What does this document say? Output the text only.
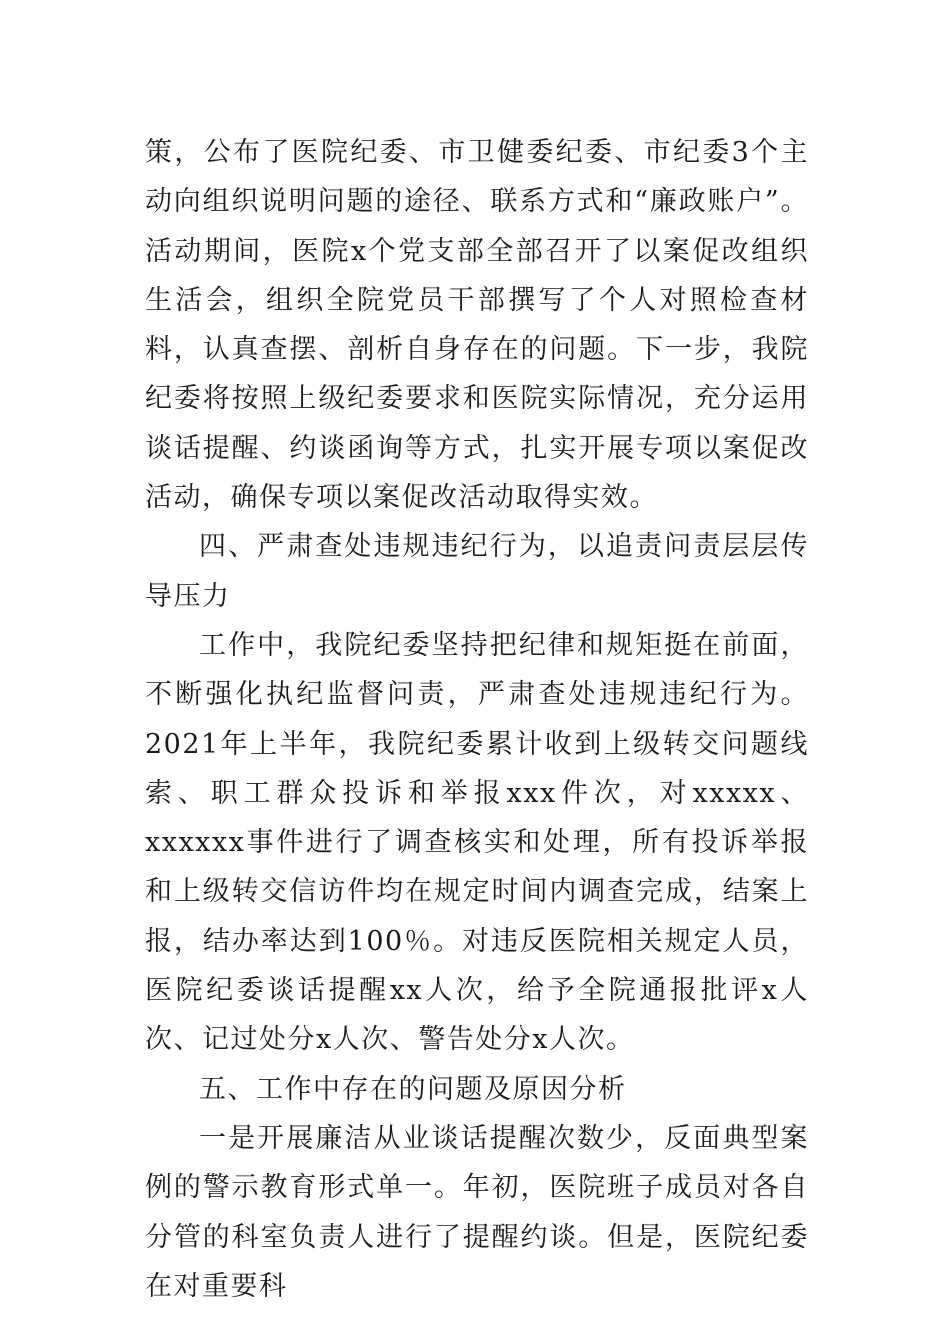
策，公布了医院纪委、市卫健委纪委、市纪委3个主动向组织说明问题的途径、联系方式和“廉政账户”。活动期间，医院x个党支部全部召开了以案促改组织生活会，组织全院党员干部撰写了个人对照检查材料，认真查摆、剖析自身存在的问题。下一步，我院纪委将按照上级纪委要求和医院实际情况，充分运用谈话提醒、约谈函询等方式，扎实开展专项以案促改活动，确保专项以案促改活动取得实效。

四、严肃查处违规违纪行为，以追责问责层层传导压力

工作中，我院纪委坚持把纪律和规矩挺在前面，不断强化执纪监督问责，严肃查处违规违纪行为。2021年上半年，我院纪委累计收到上级转交问题线索、职工群众投诉和举报xxx件次，对xxxxx、xxxxxx事件进行了调查核实和处理，所有投诉举报和上级转交信访件均在规定时间内调查完成，结案上报，结办率达到100％。对违反医院相关规定人员，医院纪委谈话提醒xx人次，给予全院通报批评x人次、记过处分x人次、警告处分x人次。

五、工作中存在的问题及原因分析

一是开展廉洁从业谈话提醒次数少，反面典型案例的警示教育形式单一。年初，医院班子成员对各自分管的科室负责人进行了提醒约谈。但是，医院纪委在对重要科
